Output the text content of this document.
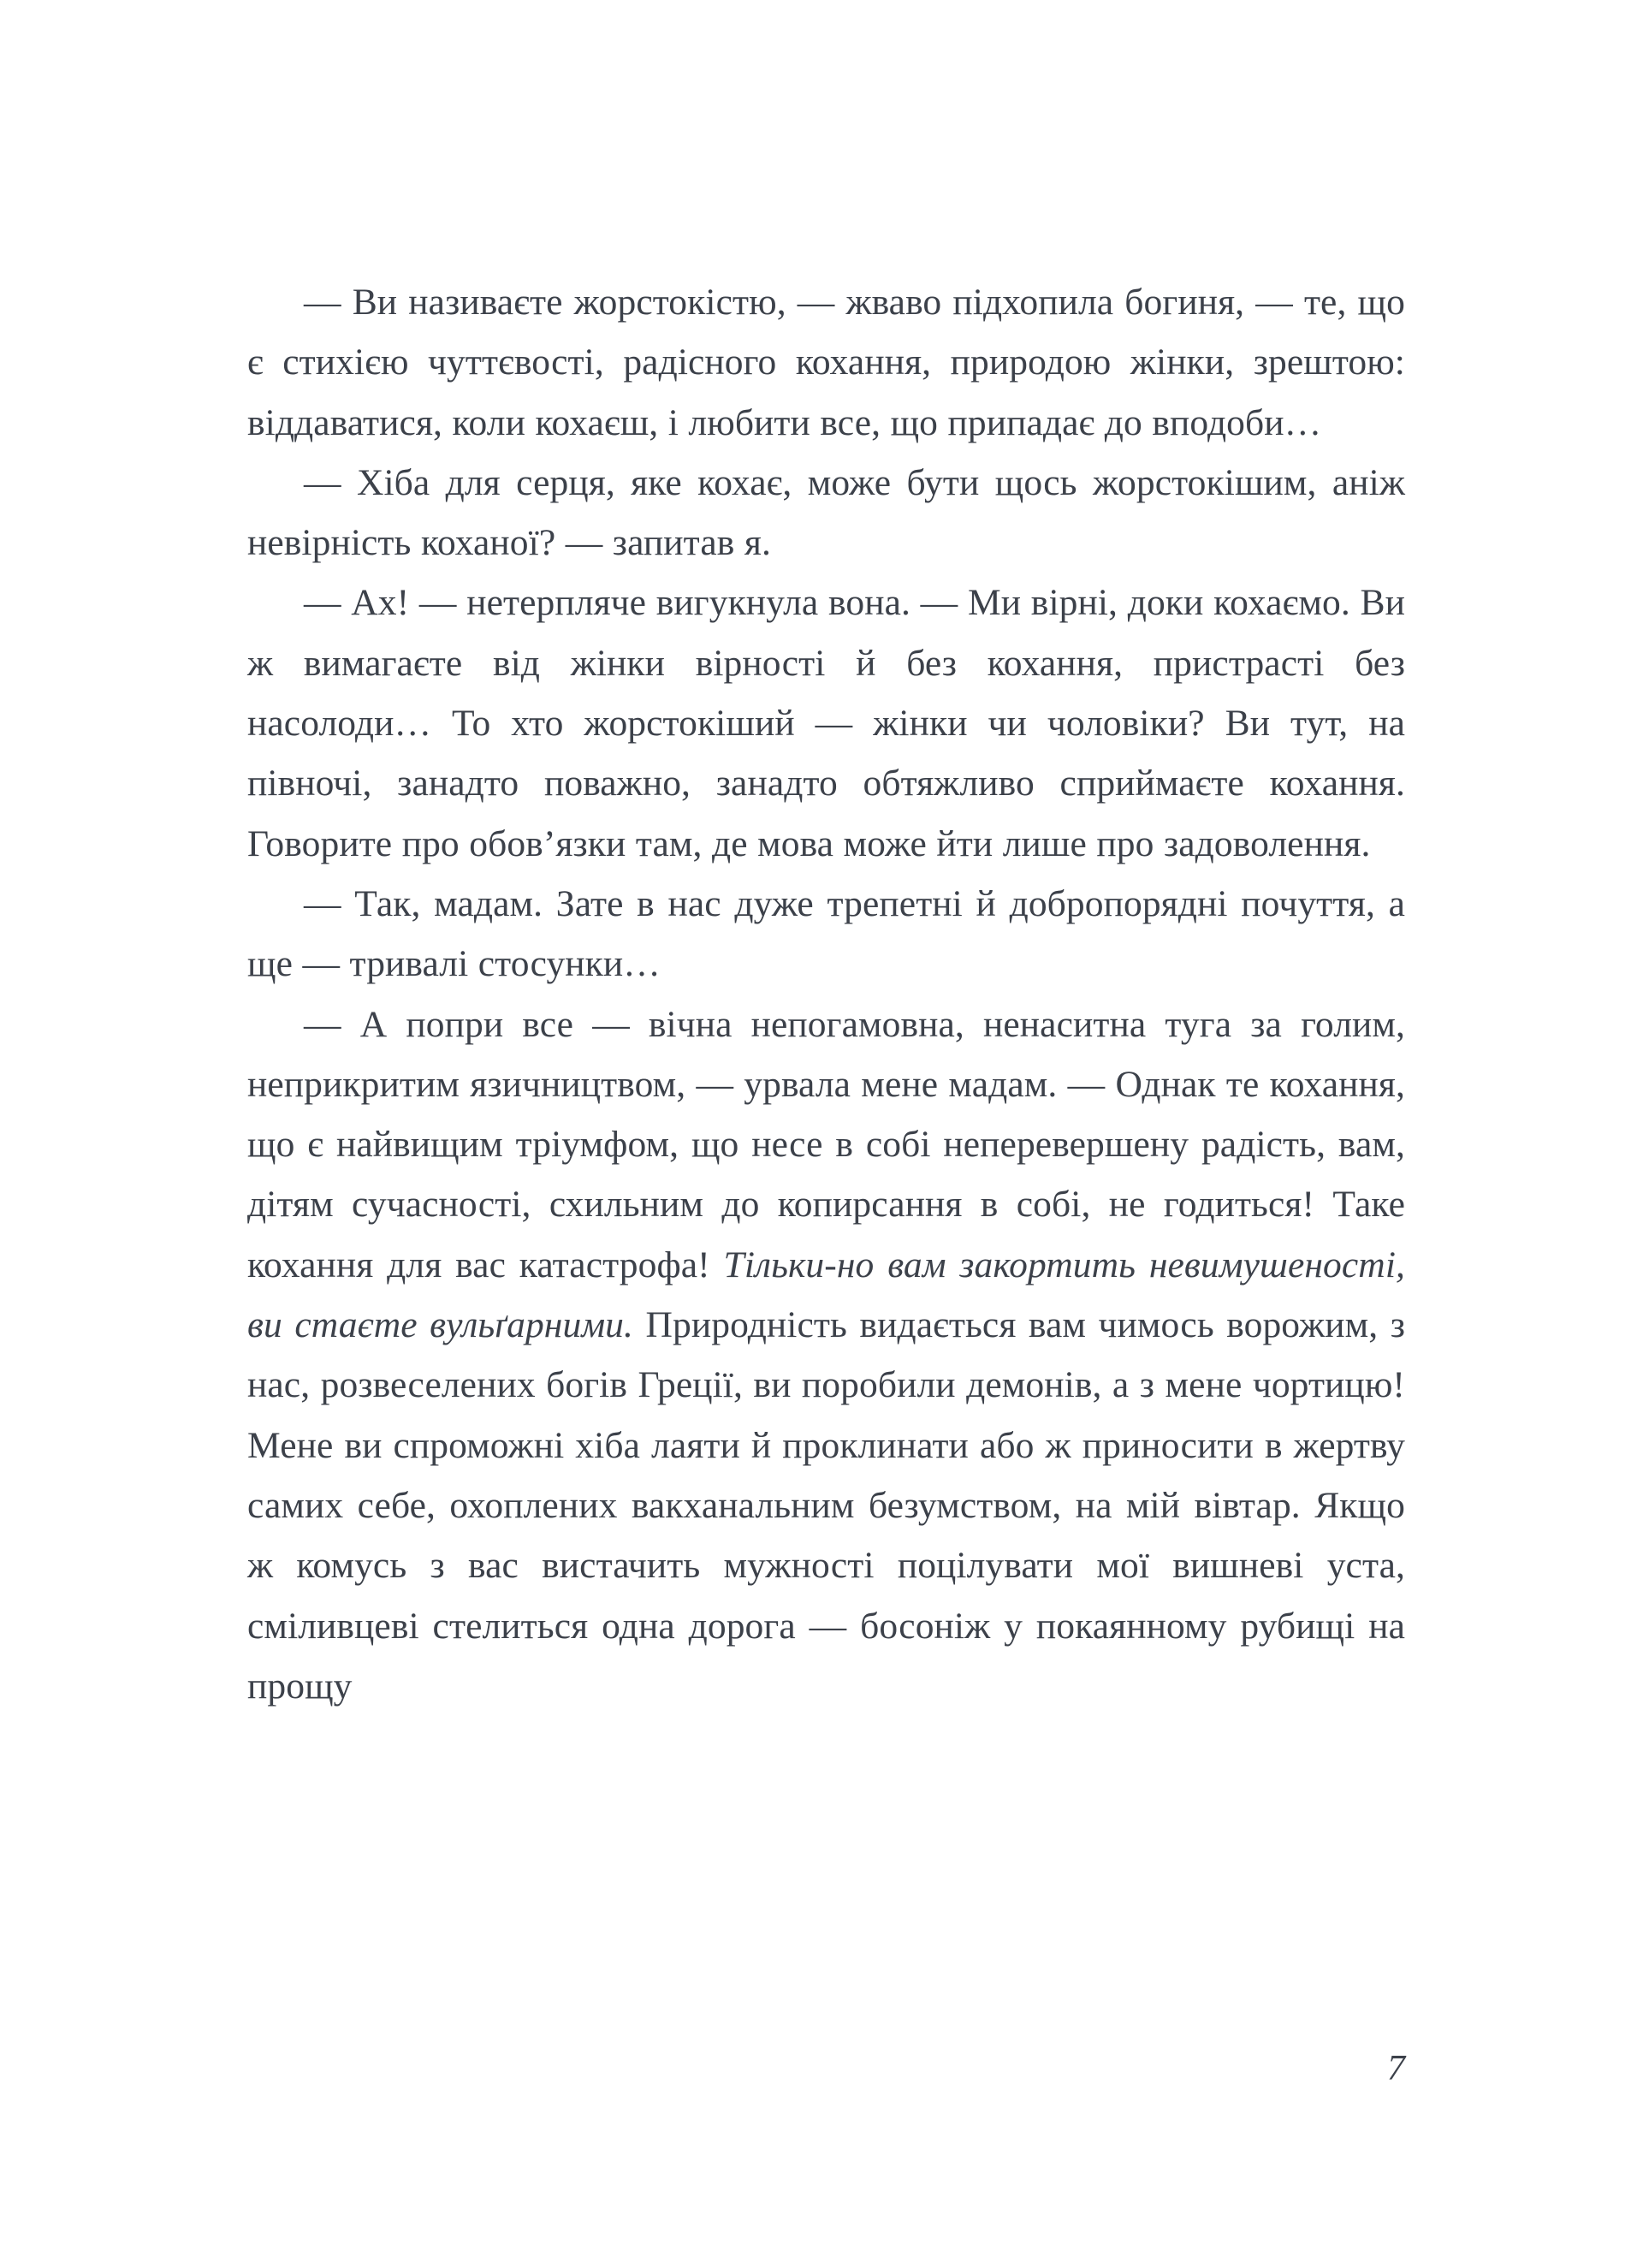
— Ви називаєте жорстокістю, — жваво підхопила богиня, — те, що є стихією чуттєвості, радісного кохання, природою жінки, зрештою: віддаватися, коли кохаєш, і любити все, що припадає до вподоби…

— Хіба для серця, яке кохає, може бути щось жорстокішим, аніж невірність коханої? — запитав я.

— Ах! — нетерпляче вигукнула вона. — Ми вірні, доки кохаємо. Ви ж вимагаєте від жінки вірності й без кохання, пристрасті без насолоди… То хто жорстокіший — жінки чи чоловіки? Ви тут, на півночі, занадто поважно, занадто обтяжливо сприймаєте кохання. Говорите про обов’язки там, де мова може йти лише про задоволення.

— Так, мадам. Зате в нас дуже трепетні й добропорядні почуття, а ще — тривалі стосунки…

— А попри все — вічна непогамовна, ненаситна туга за голим, неприкритим язичництвом, — урвала мене мадам. — Однак те кохання, що є найвищим тріумфом, що несе в собі неперевершену радість, вам, дітям сучасності, схильним до копирсання в собі, не годиться! Таке кохання для вас катастрофа! Тільки-но вам закортить невимушеності, ви стаєте вульґарними. Природність видається вам чимось ворожим, з нас, розвеселених богів Греції, ви поробили демонів, а з мене чортицю! Мене ви спроможні хіба лаяти й проклинати або ж приносити в жертву самих себе, охоплених вакханальним безумством, на мій вівтар. Якщо ж комусь з вас вистачить мужності поцілувати мої вишневі уста, сміливцеві стелиться одна дорога — босоніж у покаянному рубищі на прощу

7
